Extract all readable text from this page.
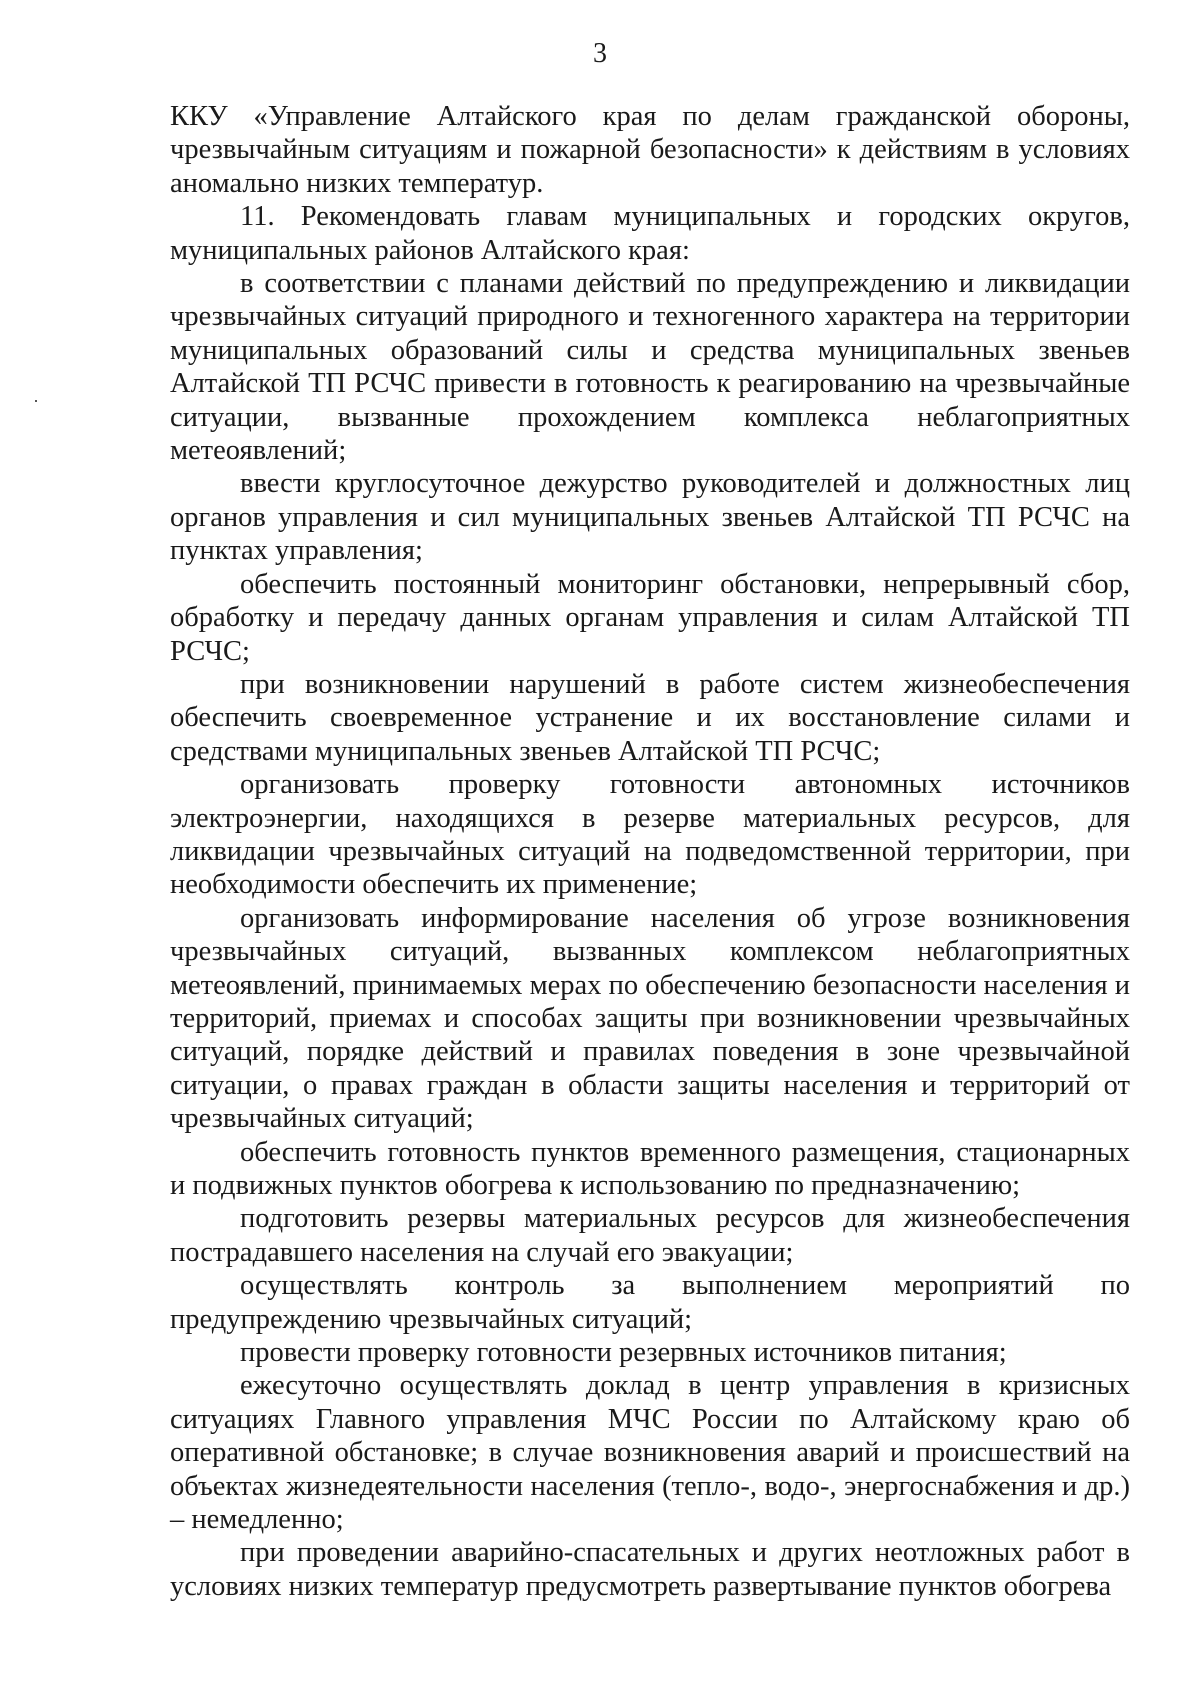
3

ККУ «Управление Алтайского края по делам гражданской обороны, чрезвычайным ситуациям и пожарной безопасности» к действиям в условиях аномально низких температур.

11. Рекомендовать главам муниципальных и городских округов, муниципальных районов Алтайского края:

в соответствии с планами действий по предупреждению и ликвидации чрезвычайных ситуаций природного и техногенного характера на территории муниципальных образований силы и средства муниципальных звеньев Алтайской ТП РСЧС привести в готовность к реагированию на чрезвычайные ситуации, вызванные прохождением комплекса неблагоприятных метеоявлений;

ввести круглосуточное дежурство руководителей и должностных лиц органов управления и сил муниципальных звеньев Алтайской ТП РСЧС на пунктах управления;

обеспечить постоянный мониторинг обстановки, непрерывный сбор, обработку и передачу данных органам управления и силам Алтайской ТП РСЧС;

при возникновении нарушений в работе систем жизнеобеспечения обеспечить своевременное устранение и их восстановление силами и средствами муниципальных звеньев Алтайской ТП РСЧС;

организовать проверку готовности автономных источников электроэнергии, находящихся в резерве материальных ресурсов, для ликвидации чрезвычайных ситуаций на подведомственной территории, при необходимости обеспечить их применение;

организовать информирование населения об угрозе возникновения чрезвычайных ситуаций, вызванных комплексом неблагоприятных метеоявлений, принимаемых мерах по обеспечению безопасности населения и территорий, приемах и способах защиты при возникновении чрезвычайных ситуаций, порядке действий и правилах поведения в зоне чрезвычайной ситуации, о правах граждан в области защиты населения и территорий от чрезвычайных ситуаций;

обеспечить готовность пунктов временного размещения, стационарных и подвижных пунктов обогрева к использованию по предназначению;

подготовить резервы материальных ресурсов для жизнеобеспечения пострадавшего населения на случай его эвакуации;

осуществлять контроль за выполнением мероприятий по предупреждению чрезвычайных ситуаций;

провести проверку готовности резервных источников питания;

ежесуточно осуществлять доклад в центр управления в кризисных ситуациях Главного управления МЧС России по Алтайскому краю об оперативной обстановке; в случае возникновения аварий и происшествий на объектах жизнедеятельности населения (тепло-, водо-, энергоснабжения и др.) – немедленно;

при проведении аварийно-спасательных и других неотложных работ в условиях низких температур предусмотреть развертывание пунктов обогрева
